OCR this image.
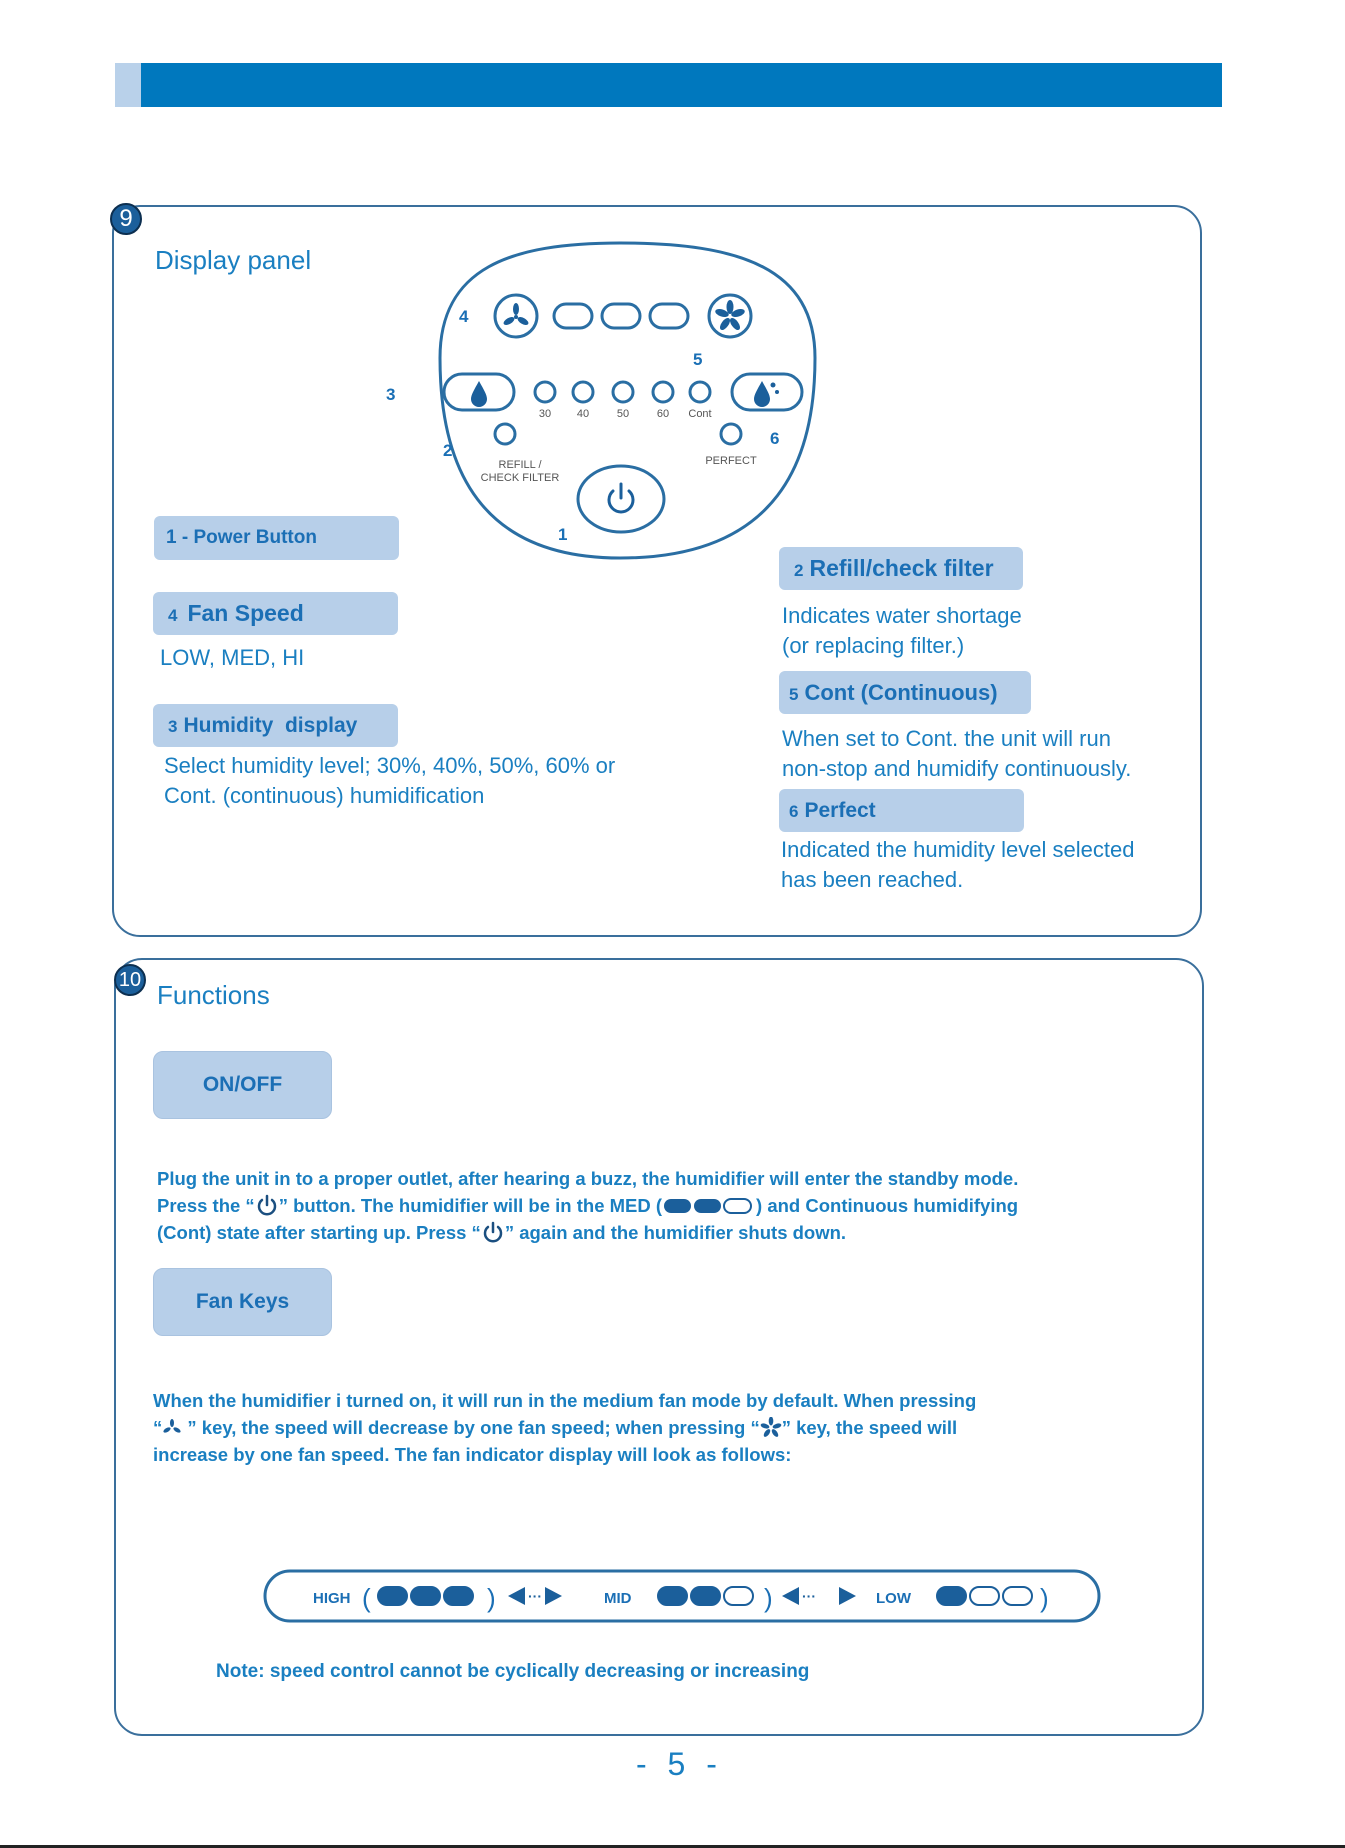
9
Display panel
30	40	50	60	Cont
REFILL /
CHECK FILTER
PERFECT
1
2
3
4
5
6
1 - Power Button
4 Fan Speed
LOW, MED, HI
3 Humidity  display
Select humidity level; 30%, 40%, 50%, 60% or
Cont. (continuous) humidification
2 Refill/check filter
Indicates water shortage
(or replacing filter.)
5 Cont (Continuous)
When set to Cont. the unit will run
non-stop and humidify continuously.
6 Perfect
Indicated the humidity level selected
has been reached.
10 Functions
ON/OFF
Plug the unit in to a proper outlet, after hearing a buzz, the humidifier will enter the standby mode.
Press the “ ” button. The humidifier will be in the MED (	) and Continuous humidifying
(Cont) state after starting up. Press “ ” again and the humidifier shuts down.
Fan Keys
When the humidifier i turned on, it will run in the medium fan mode by default. When pressing
“ ” key, the speed will decrease by one fan speed; when pressing “ ” key, the speed will
increase by one fan speed. The fan indicator display will look as follows:
HIGH (	) ···	MID	) ···	LOW	)
Note: speed control cannot be cyclically decreasing or increasing
- 5 -
